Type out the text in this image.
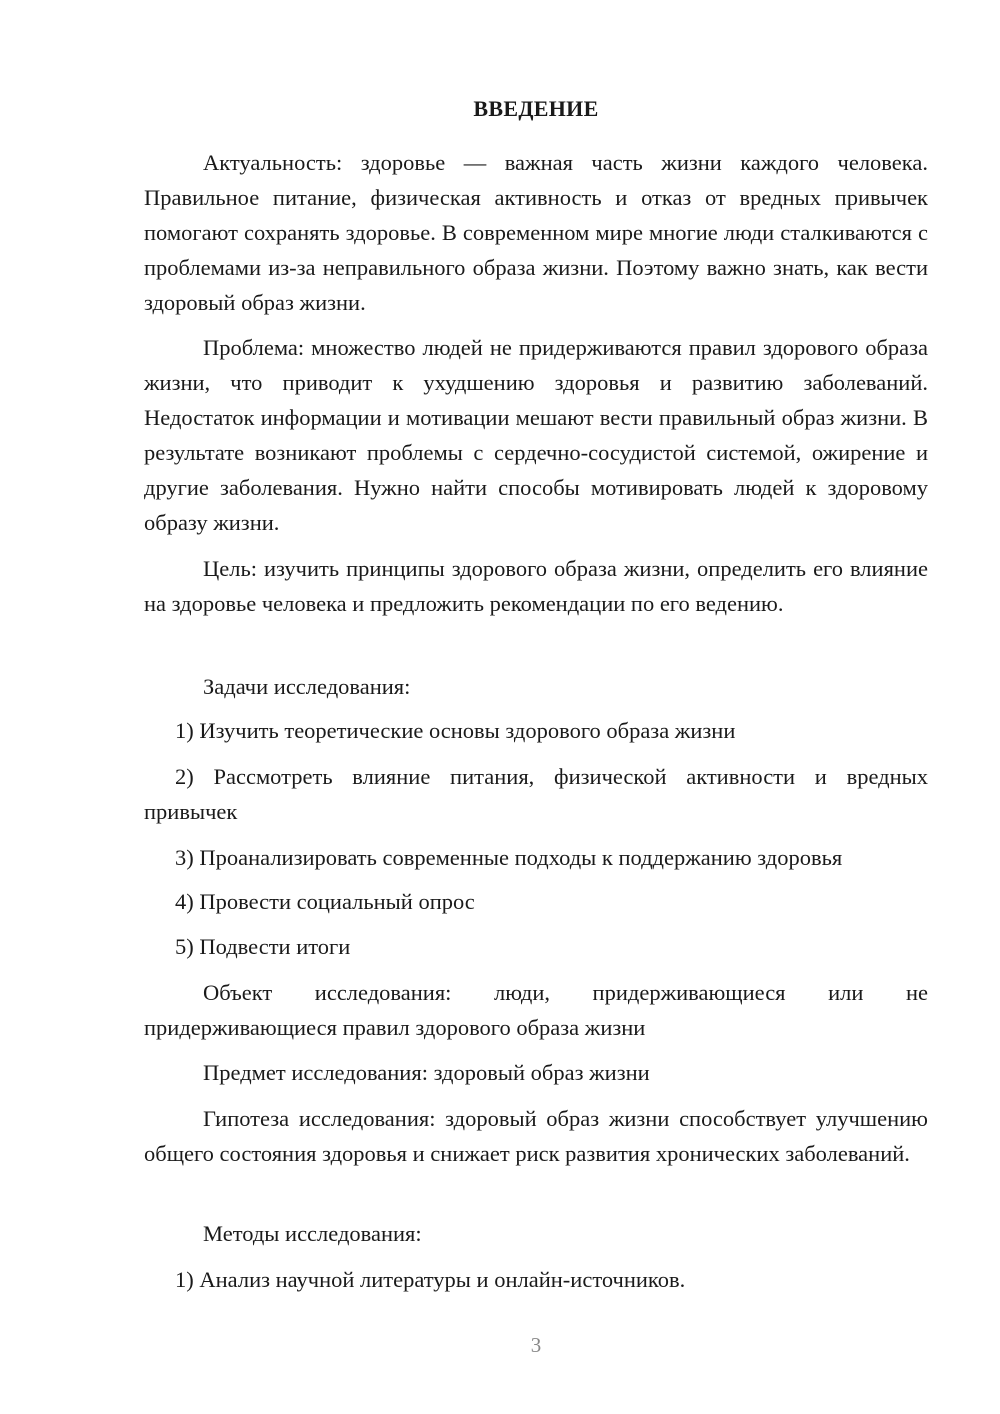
ВВЕДЕНИЕ

Актуальность: здоровье — важная часть жизни каждого человека. Правильное питание, физическая активность и отказ от вредных привычек помогают сохранять здоровье. В современном мире многие люди сталкиваются с проблемами из-за неправильного образа жизни. Поэтому важно знать, как вести здоровый образ жизни.

Проблема: множество людей не придерживаются правил здорового образа жизни, что приводит к ухудшению здоровья и развитию заболеваний. Недостаток информации и мотивации мешают вести правильный образ жизни. В результате возникают проблемы с сердечно-сосудистой системой, ожирение и другие заболевания. Нужно найти способы мотивировать людей к здоровому образу жизни.

Цель: изучить принципы здорового образа жизни, определить его влияние на здоровье человека и предложить рекомендации по его ведению.

Задачи исследования:

1) Изучить теоретические основы здорового образа жизни

2) Рассмотреть влияние питания, физической активности и вредных привычек

3) Проанализировать современные подходы к поддержанию здоровья

4) Провести социальный опрос

5) Подвести итоги

Объект исследования: люди, придерживающиеся или не придерживающиеся правил здорового образа жизни

Предмет исследования: здоровый образ жизни

Гипотеза исследования: здоровый образ жизни способствует улучшению общего состояния здоровья и снижает риск развития хронических заболеваний.

Методы исследования:

1) Анализ научной литературы и онлайн-источников.

3
